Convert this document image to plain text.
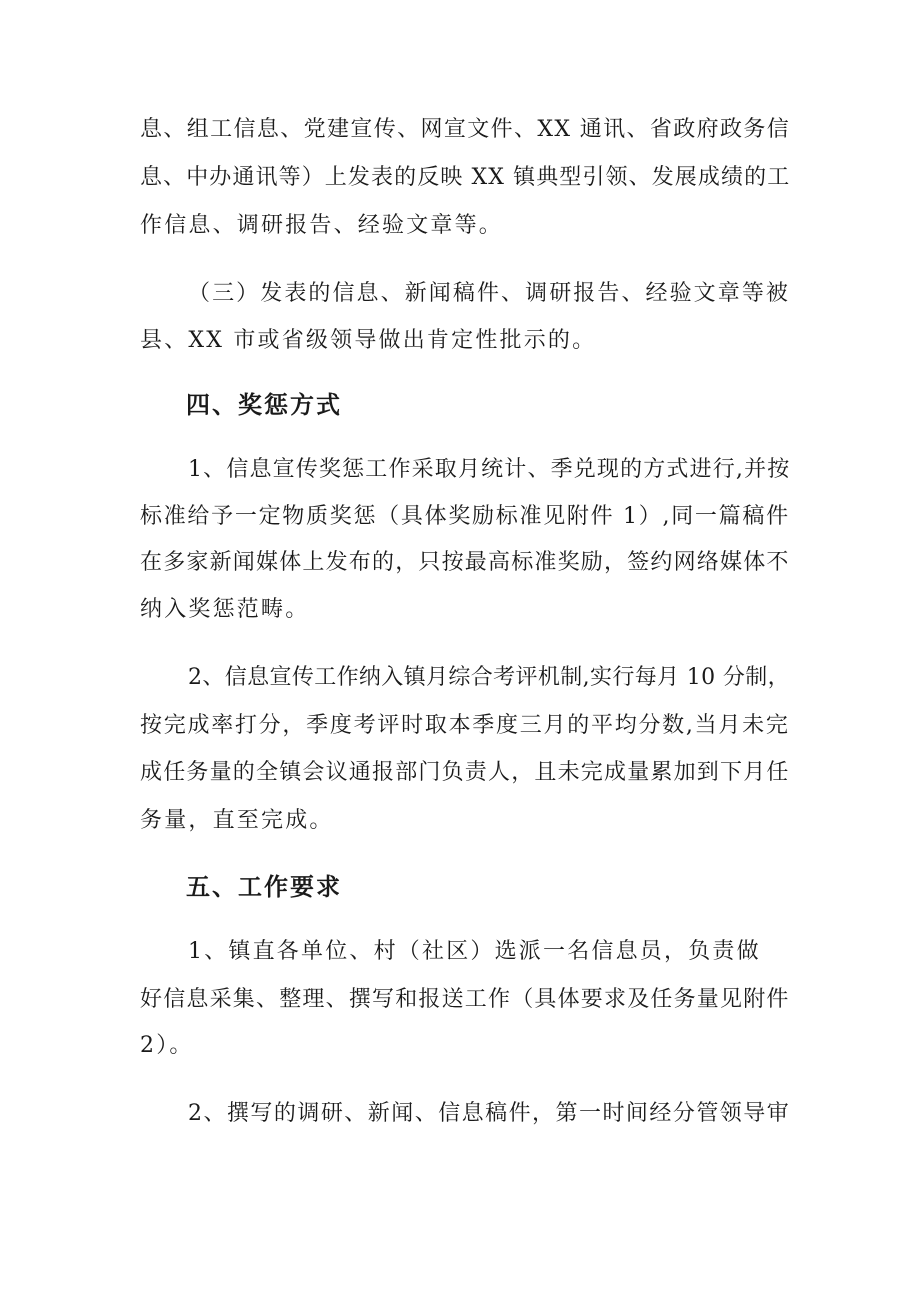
息、组工信息、党建宣传、网宣文件、XX 通讯、省政府政务信
息、中办通讯等）上发表的反映 XX 镇典型引领、发展成绩的工
作信息、调研报告、经验文章等。
（三）发表的信息、新闻稿件、调研报告、经验文章等被
县、XX 市或省级领导做出肯定性批示的。
四、奖惩方式
1、信息宣传奖惩工作采取月统计、季兑现的方式进行,并按
标准给予一定物质奖惩（具体奖励标准见附件 1）,同一篇稿件
在多家新闻媒体上发布的，只按最高标准奖励，签约网络媒体不
纳入奖惩范畴。
2、信息宣传工作纳入镇月综合考评机制,实行每月 10 分制，
按完成率打分，季度考评时取本季度三月的平均分数,当月未完
成任务量的全镇会议通报部门负责人，且未完成量累加到下月任
务量，直至完成。
五、工作要求
1、镇直各单位、村（社区）选派一名信息员，负责做
好信息采集、整理、撰写和报送工作（具体要求及任务量见附件
2）。
2、撰写的调研、新闻、信息稿件，第一时间经分管领导审
